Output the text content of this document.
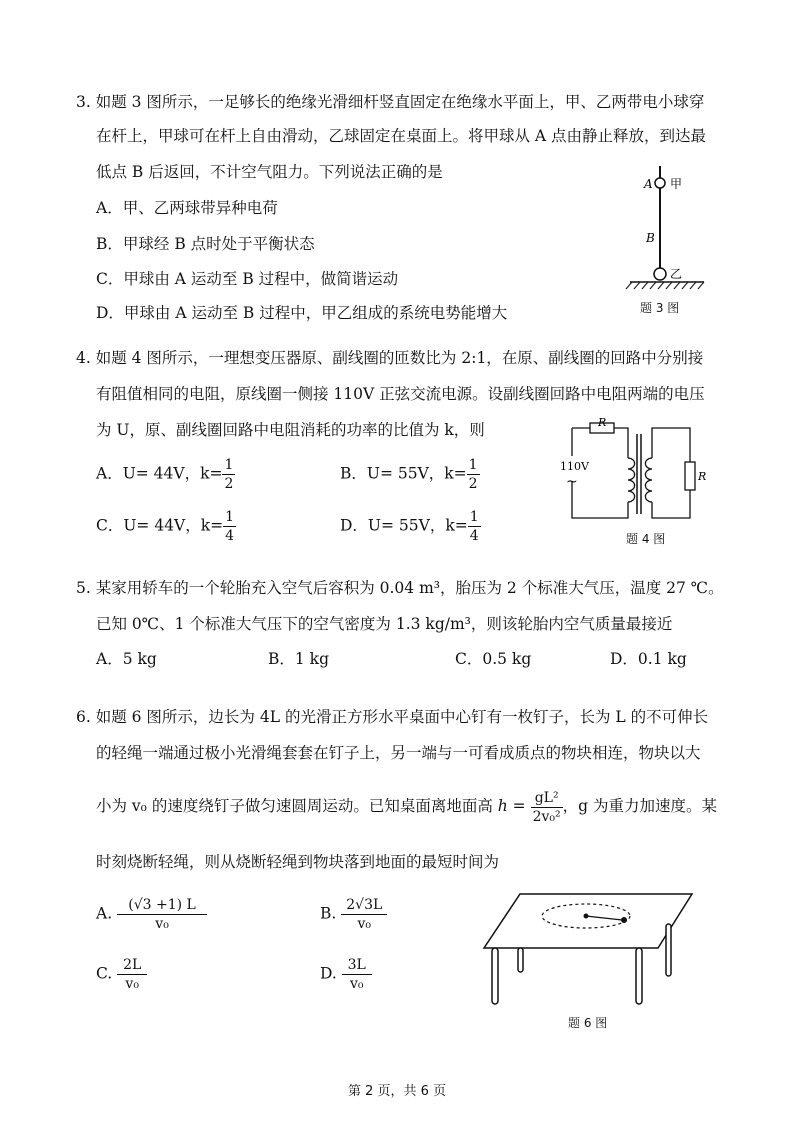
3. 如题 3 图所示，一足够长的绝缘光滑细杆竖直固定在绝缘水平面上，甲、乙两带电小球穿
在杆上，甲球可在杆上自由滑动，乙球固定在桌面上。将甲球从 A 点由静止释放，到达最
低点 B 后返回，不计空气阻力。下列说法正确的是
A．甲、乙两球带异种电荷
B．甲球经 B 点时处于平衡状态
C．甲球由 A 运动至 B 过程中，做简谐运动
D．甲球由 A 运动至 B 过程中，甲乙组成的系统电势能增大
A 甲
B
乙
题 3 图
4. 如题 4 图所示，一理想变压器原、副线圈的匝数比为 2:1，在原、副线圈的回路中分别接
有阻值相同的电阻，原线圈一侧接 110V 正弦交流电源。设副线圈回路中电阻两端的电压
为 U，原、副线圈回路中电阻消耗的功率的比值为 k，则
A．U= 44V，$k= \frac{1}{2}$	B．U= 55V，$k= \frac{1}{2}$
C．U= 44V，$k= \frac{1}{4}$	D．U= 55V，$k= \frac{1}{4}$
R
R
110V
~
题 4 图
5. 某家用轿车的一个轮胎充入空气后容积为 0.04 m³，胎压为 2 个标准大气压，温度 27 ℃。
已知 0℃、1 个标准大气压下的空气密度为 1.3 kg/m³，则该轮胎内空气质量最接近
A．5 kg	B．1 kg	C．0.5 kg	D．0.1 kg
6. 如题 6 图所示，边长为 4L 的光滑正方形水平桌面中心钉有一枚钉子，长为 L 的不可伸长
的轻绳一端通过极小光滑绳套套在钉子上，另一端与一可看成质点的物块相连，物块以大
小为 v₀ 的速度绕钉子做匀速圆周运动。已知桌面离地面高 $h = \frac{\text{gL²}}{\text{2v₀²}}$ ，g 为重力加速度。某
时刻烧断轻绳，则从烧断轻绳到物块落到地面的最短时间为
A. $\frac{(√3 +1) L}{\text{v₀}}$	B. $\frac{2√3L}{\text{v₀}}$
C. $\frac{2L}{\text{v₀}}$	D. $\frac{3L}{\text{v₀}}$
题 6 图
第 2 页，共 6 页
